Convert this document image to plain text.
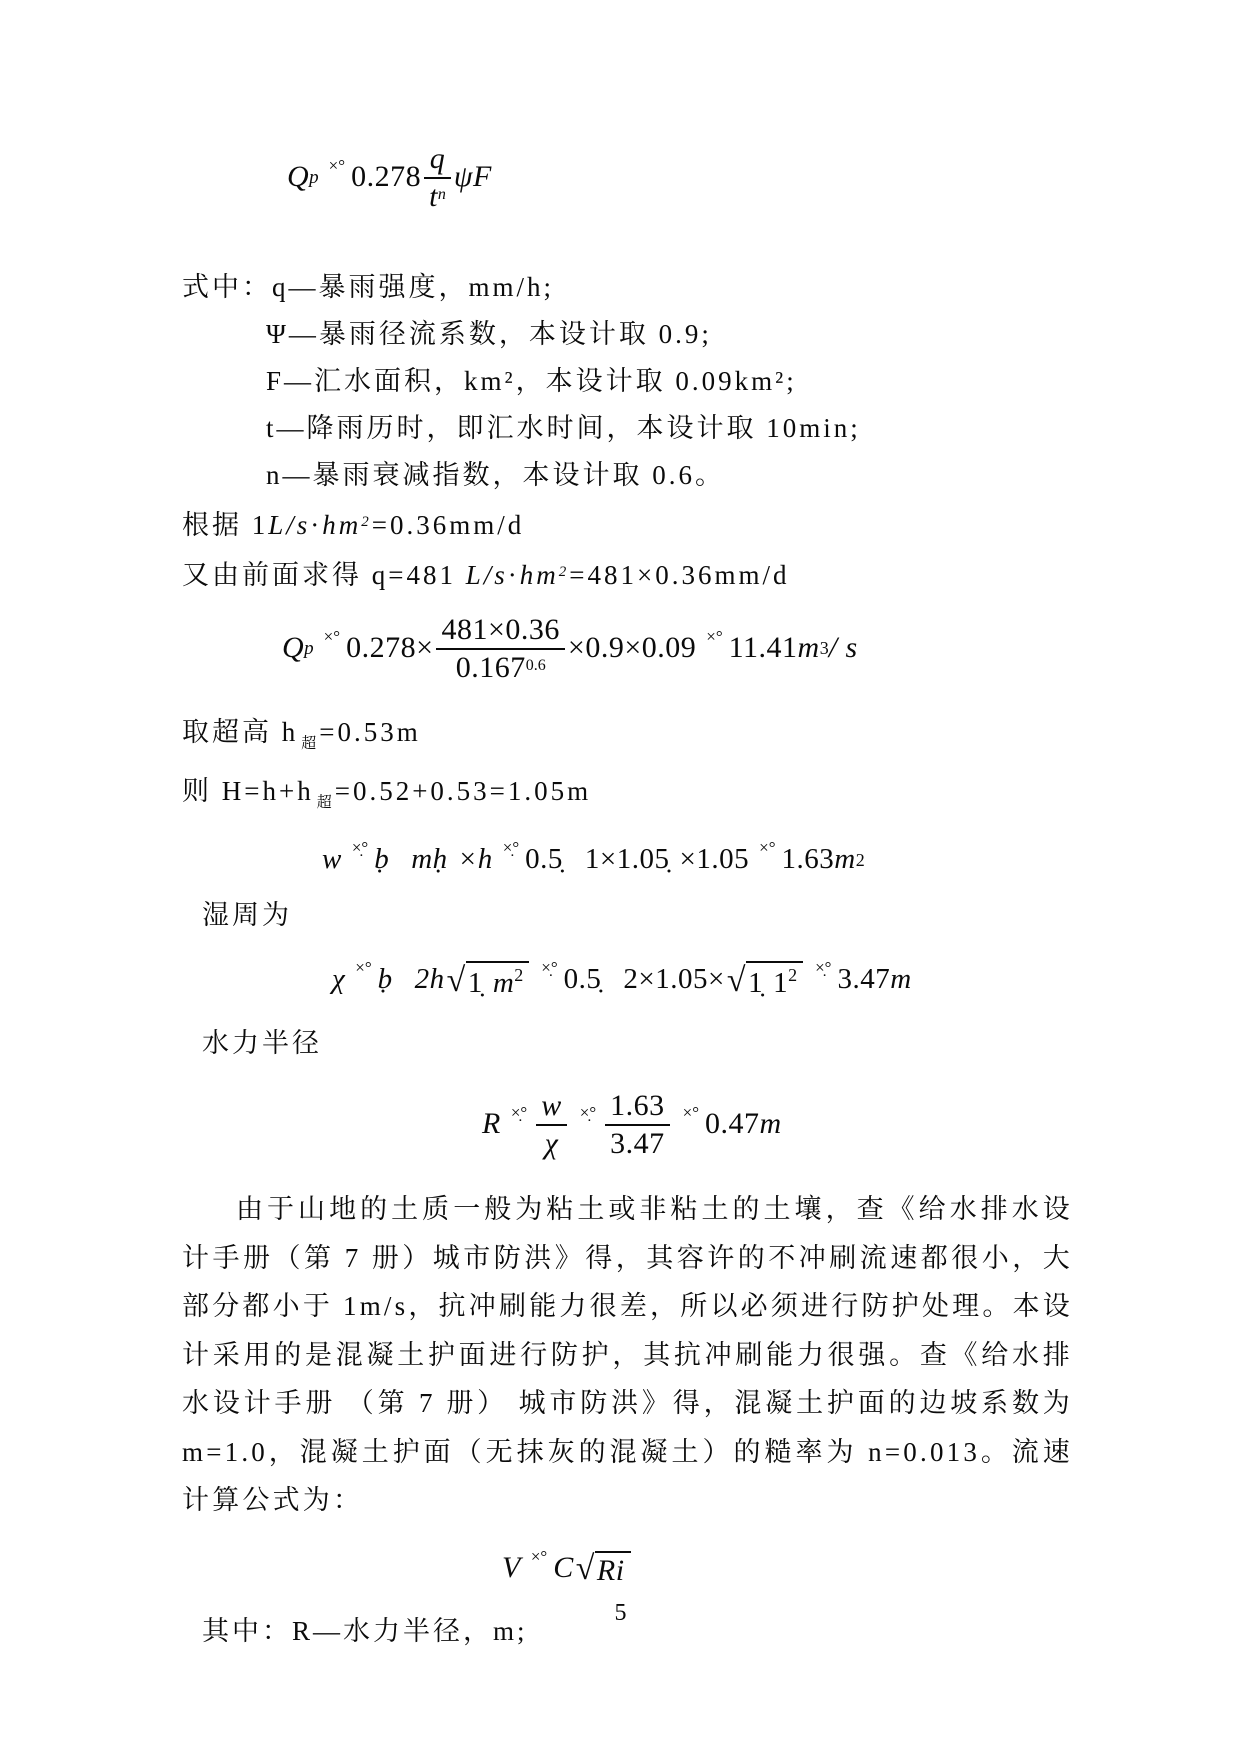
Q p
×° $0.278 \frac{q}{t^n}$ ψ F
式中：q—暴雨强度，mm/h;
Ψ—暴雨径流系数，本设计取 0.9;
F—汇水面积，km²，本设计取 0.09km²;
t—降雨历时，即汇水时间，本设计取 10min;
n—暴雨衰减指数，本设计取 0.6。
根据 $1L/s\cdot hm^2=0.36mm/d$
又由前面求得 q=481 $L/s\cdot hm^2=481\times 0.36mm/d$
Q p
×° $0.278\times \frac{481\times 0.36}{0.167^{0.6}} \times 0.9\times 0.09$ ×° 11.41 m 3 / s
取超高 h $_超$ =0.53m
则 H=h+h $_超$ =0.52+0.53=1.05m
w ×̣° ḅ mḥ ×h ×̣° 0.5̣ 1×1.05̣ ×1.05 ×° 1.63 m 2
湿周为
χ ×° ḅ 2h √ 1̣ $m^2$	×̣° 0.5̣ 2×1.05× √ 1̣ $1^2$	×̣° 3.47 m
水力半径
R ×̣° $\frac{w}{\chi}$ ×̣° $\frac{1.63}{3.47}$ ×° 0.47 m
由于山地的土质一般为粘土或非粘土的土壤，查《给水排水设计手册（第 7 册）城市防洪》得，其容许的不冲刷流速都很小，大部分都小于 1m/s，抗冲刷能力很差，所以必须进行防护处理。本设计采用的是混凝土护面进行防护，其抗冲刷能力很强。查《给水排水设计手册 （第 7 册） 城市防洪》得，混凝土护面的边坡系数为 m=1.0，混凝土护面（无抹灰的混凝土）的糙率为 n=0.013。流速计算公式为：
V ×° C √ Ri
其中：R—水力半径，m;
5
